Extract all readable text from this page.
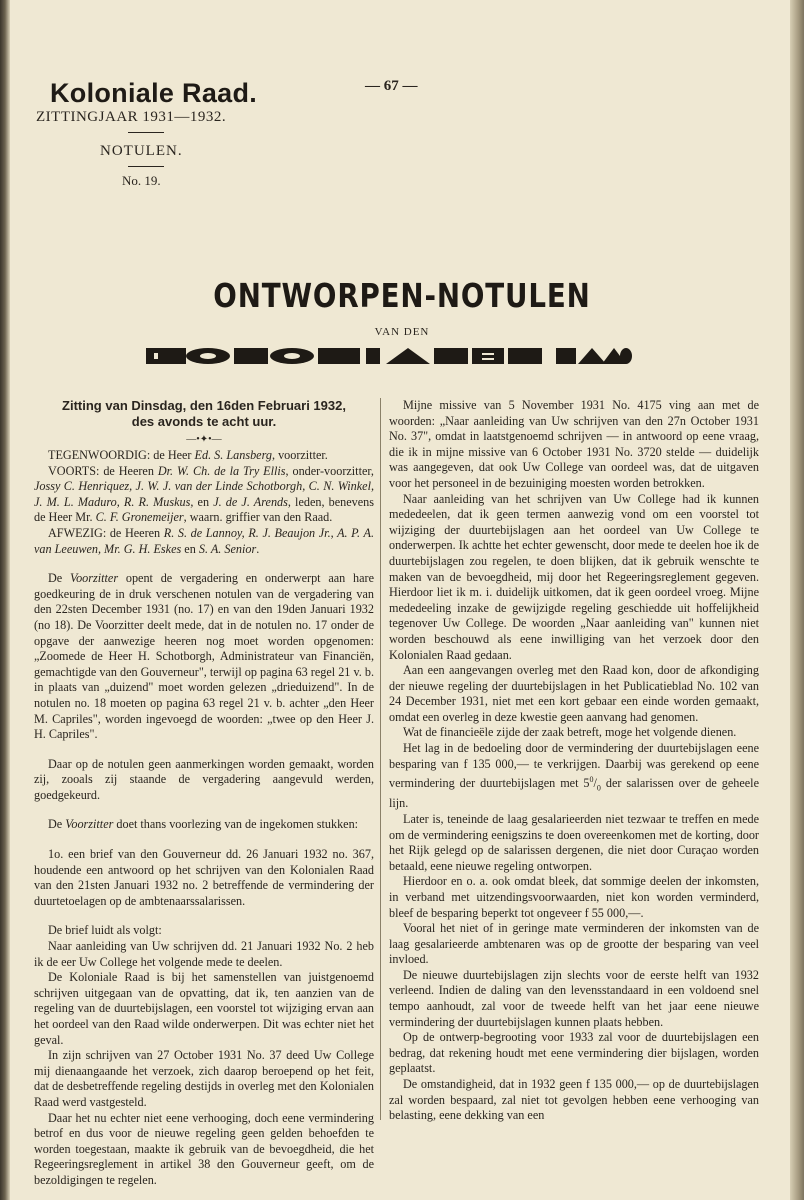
Koloniale Raad.
ZITTINGJAAR 1931—1932.
NOTULEN.
No. 19.
— 67 —
ONTWORPEN-NOTULEN
VAN DEN
Zitting van Dinsdag, den 16den Februari 1932,
des avonds te acht uur.
—•✦•—

TEGENWOORDIG: de Heer Ed. S. Lansberg, voorzitter.

VOORTS: de Heeren Dr. W. Ch. de la Try Ellis, onder-voorzitter, Jossy C. Henriquez, J. W. J. van der Linde Schotborgh, C. N. Winkel, J. M. L. Maduro, R. R. Muskus, en J. de J. Arends, leden, benevens de Heer Mr. C. F. Gronemeijer, waarn. griffier van den Raad.

AFWEZIG: de Heeren R. S. de Lannoy, R. J. Beaujon Jr., A. P. A. van Leeuwen, Mr. G. H. Eskes en S. A. Senior.

De Voorzitter opent de vergadering en onderwerpt aan hare goedkeuring de in druk verschenen notulen van de vergadering van den 22sten December 1931 (no. 17) en van den 19den Januari 1932 (no 18). De Voorzitter deelt mede, dat in de notulen no. 17 onder de opgave der aanwezige heeren nog moet worden opgenomen: „Zoomede de Heer H. Schotborgh, Administrateur van Financiën, gemachtigde van den Gouverneur", terwijl op pagina 63 regel 21 v. b. in plaats van „duizend" moet worden gelezen „drieduizend". In de notulen no. 18 moeten op pagina 63 regel 21 v. b. achter „den Heer M. Capriles", worden ingevoegd de woorden: „twee op den Heer J. H. Capriles".

Daar op de notulen geen aanmerkingen worden gemaakt, worden zij, zooals zij staande de vergadering aangevuld werden, goedgekeurd.

De Voorzitter doet thans voorlezing van de ingekomen stukken:

1o. een brief van den Gouverneur dd. 26 Januari 1932 no. 367, houdende een antwoord op het schrijven van den Kolonialen Raad van den 21sten Januari 1932 no. 2 betreffende de vermindering der duurtetoelagen op de ambtenaarssalarissen.

De brief luidt als volgt:

Naar aanleiding van Uw schrijven dd. 21 Januari 1932 No. 2 heb ik de eer Uw College het volgende mede te deelen.

De Koloniale Raad is bij het samenstellen van juistgenoemd schrijven uitgegaan van de opvatting, dat ik, ten aanzien van de regeling van de duurtebijslagen, een voorstel tot wijziging ervan aan het oordeel van den Raad wilde onderwerpen. Dit was echter niet het geval.

In zijn schrijven van 27 October 1931 No. 37 deed Uw College mij dienaangaande het verzoek, zich daarop beroepend op het feit, dat de desbetreffende regeling destijds in overleg met den Kolonialen Raad werd vastgesteld.

Daar het nu echter niet eene verhooging, doch eene vermindering betrof en dus voor de nieuwe regeling geen gelden behoefden te worden toegestaan, maakte ik gebruik van de bevoegdheid, die het Regeeringsreglement in artikel 38 den Gouverneur geeft, om de bezoldigingen te regelen.

Mijne missive van 5 November 1931 No. 4175 ving aan met de woorden: „Naar aanleiding van Uw schrijven van den 27n October 1931 No. 37", omdat in laatstgenoemd schrijven — in antwoord op eene vraag, die ik in mijne missive van 6 October 1931 No. 3720 stelde — duidelijk was aangegeven, dat ook Uw College van oordeel was, dat de uitgaven voor het personeel in de bezuiniging moesten worden betrokken.

Naar aanleiding van het schrijven van Uw College had ik kunnen mededeelen, dat ik geen termen aanwezig vond om een voorstel tot wijziging der duurtebijslagen aan het oordeel van Uw College te onderwerpen. Ik achtte het echter gewenscht, door mede te deelen hoe ik de duurtebijslagen zou regelen, te doen blijken, dat ik gebruik wenschte te maken van de bevoegdheid, mij door het Regeeringsreglement gegeven. Hierdoor liet ik m. i. duidelijk uitkomen, dat ik geen oordeel vroeg. Mijne mededeeling inzake de gewijzigde regeling geschiedde uit hoffelijkheid tegenover Uw College. De woorden „Naar aanleiding van" kunnen niet worden beschouwd als eene inwilliging van het verzoek door den Kolonialen Raad gedaan.

Aan een aangevangen overleg met den Raad kon, door de afkondiging der nieuwe regeling der duurtebijslagen in het Publicatieblad No. 102 van 24 December 1931, niet met een kort gebaar een einde worden gemaakt, omdat een overleg in deze kwestie geen aanvang had genomen.

Wat de financieële zijde der zaak betreft, moge het volgende dienen.

Het lag in de bedoeling door de vermindering der duurtebijslagen eene besparing van f 135 000,— te verkrijgen. Daarbij was gerekend op eene vermindering der duurtebijslagen met $5^0/_0$ der salarissen over de geheele lijn.

Later is, teneinde de laag gesalarieerden niet tezwaar te treffen en mede om de vermindering eenigszins te doen overeenkomen met de korting, door het Rijk gelegd op de salarissen dergenen, die niet door Curaçao worden betaald, eene nieuwe regeling ontworpen.

Hierdoor en o. a. ook omdat bleek, dat sommige deelen der inkomsten, in verband met uitzendingsvoorwaarden, niet kon worden verminderd, bleef de besparing beperkt tot ongeveer f 55 000,—.

Vooral het niet of in geringe mate verminderen der inkomsten van de laag gesalarieerde ambtenaren was op de grootte der besparing van veel invloed.

De nieuwe duurtebijslagen zijn slechts voor de eerste helft van 1932 verleend. Indien de daling van den levensstandaard in een voldoend snel tempo aanhoudt, zal voor de tweede helft van het jaar eene nieuwe vermindering der duurtebijslagen kunnen plaats hebben.

Op de ontwerp-begrooting voor 1933 zal voor de duurtebijslagen een bedrag, dat rekening houdt met eene vermindering dier bijslagen, worden geplaatst.

De omstandigheid, dat in 1932 geen f 135 000,— op de duurtebijslagen zal worden bespaard, zal niet tot gevolgen hebben eene verhooging van belasting, eene dekking van een
